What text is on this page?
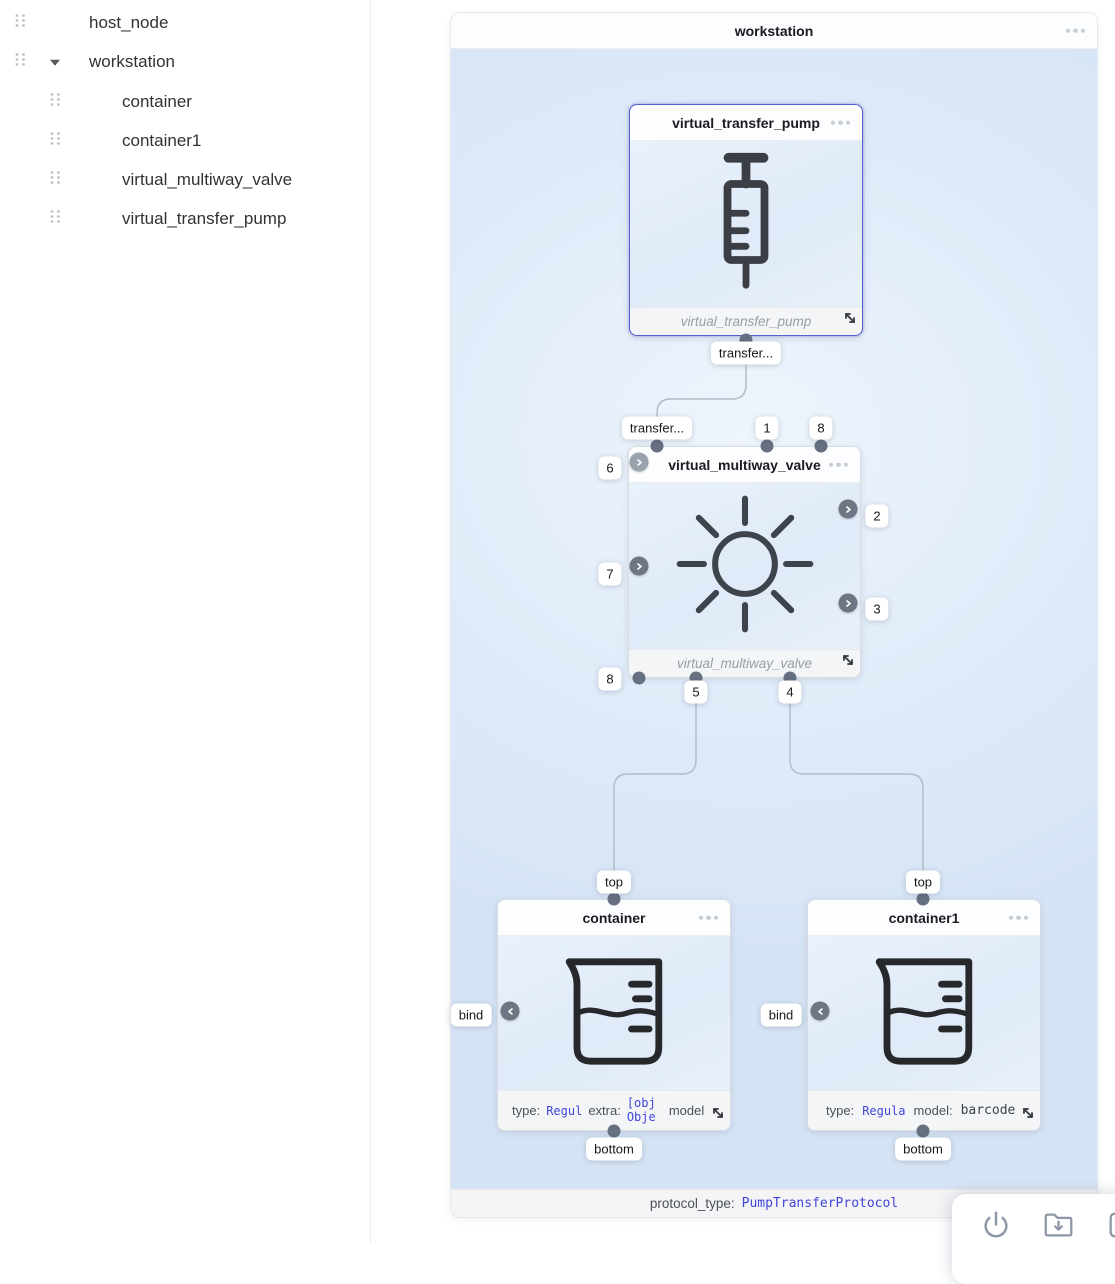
host_node
workstation
container
container1
virtual_multiway_valve
virtual_transfer_pump
workstation
virtual_transfer_pump
virtual_transfer_pump
virtual_multiway_valve
virtual_multiway_valve
container
type: Regul extra:
[obj Obje	model
container1
type: Regula model: barcode
transfer...
transfer...	1	8
6
7
8
2
3
5	4
top
bottom
bind
top
bottom
bind
protocol_type: PumpTransferProtocol
